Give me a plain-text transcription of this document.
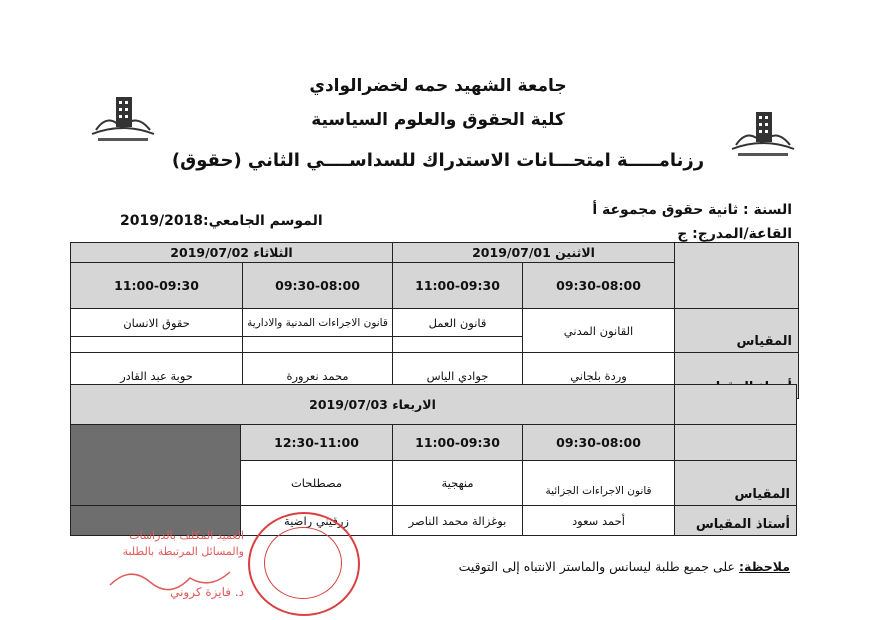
جامعة الشهيد حمه لخضرالوادي
كلية الحقوق والعلوم السياسية
رزنامـــــة امتحـــانات الاستدراك للسداســــي الثاني (حقوق)
السنة : ثانية حقوق مجموعة أ
القاعة/المدرج: ج
الموسم الجامعي:2019/2018
	الاثنين 2019/07/01		الثلاثاء 2019/07/02	
	09:30-08:00	11:00-09:30	09:30-08:00	11:00-09:30
المقياس	القانون المدني	قانون العمل	قانون الاجراءات المدنية والادارية	حقوق الانسان

	وردة بلجاني	جوادي الياس	محمد نعرورة	حوبة عبد القادر
	الاربعاء 2019/07/03			
	09:30-08:00	11:00-09:30	12:30-11:00	
المقياس	قانون الاجراءات الجزائية	منهجية	مصطلحات	
أستاذ المقياس	أحمد سعود	بوغزالة محمد الناصر	زرقيني راضية	
ملاحظة: على جميع طلبة ليسانس والماستر الانتباه إلى التوقيت
العميد المكلف بالدراسات
والمسائل المرتبطة بالطلبة
د. فايزة كروني
